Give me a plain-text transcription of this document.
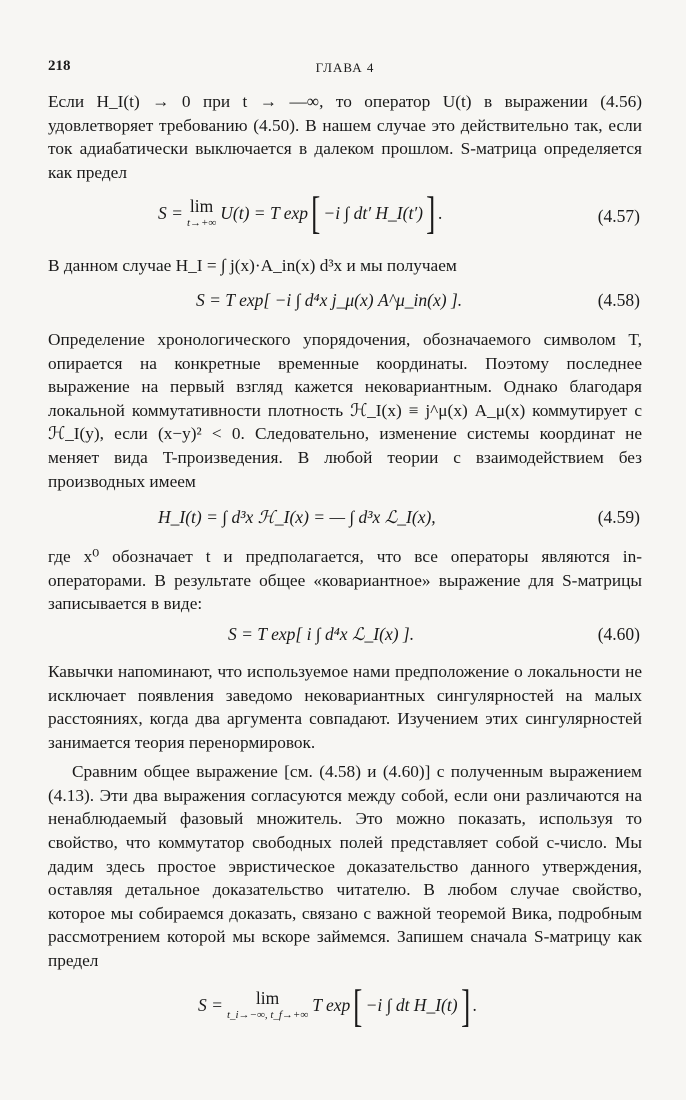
218	ГЛАВА 4

Если H_I(t) → 0 при t → —∞, то оператор U(t) в выражении (4.56) удовлетворяет требованию (4.50). В нашем случае это действительно так, если ток адиабатически выключается в далеком прошлом. S-матрица определяется как предел

S = lim
t→+∞
U(t) = T exp [ −i ∫ dt′ H_I(t′) ] .	(4.57)

В данном случае H_I = ∫ j(x)·A_in(x) d³x и мы получаем

S = T exp[ −i ∫ d⁴x j_μ(x) A^μ_in(x) ].	(4.58)

Определение хронологического упорядочения, обозначаемого символом T, опирается на конкретные временные координаты. Поэтому последнее выражение на первый взгляд кажется нековариантным. Однако благодаря локальной коммутативности плотность ℋ_I(x) ≡ j^μ(x) A_μ(x) коммутирует с ℋ_I(y), если (x−y)² < 0. Следовательно, изменение системы координат не меняет вида T-произведения. В любой теории с взаимодействием без производных имеем

H_I(t) = ∫ d³x ℋ_I(x) = — ∫ d³x ℒ_I(x),	(4.59)

где x⁰ обозначает t и предполагается, что все операторы являются in-операторами. В результате общее «ковариантное» выражение для S-матрицы записывается в виде:

S = T exp[ i ∫ d⁴x ℒ_I(x) ].	(4.60)

Кавычки напоминают, что используемое нами предположение о локальности не исключает появления заведомо нековариантных сингулярностей на малых расстояниях, когда два аргумента совпадают. Изучением этих сингулярностей занимается теория перенормировок.

Сравним общее выражение [см. (4.58) и (4.60)] с полученным выражением (4.13). Эти два выражения согласуются между собой, если они различаются на ненаблюдаемый фазовый множитель. Это можно показать, используя то свойство, что коммутатор свободных полей представляет собой c-число. Мы дадим здесь простое эвристическое доказательство данного утверждения, оставляя детальное доказательство читателю. В любом случае свойство, которое мы собираемся доказать, связано с важной теоремой Вика, подробным рассмотрением которой мы вскоре займемся. Запишем сначала S-матрицу как предел

S =	lim
t_i→−∞, t_f→+∞
T exp [ −i ∫ dt H_I(t) ] .
